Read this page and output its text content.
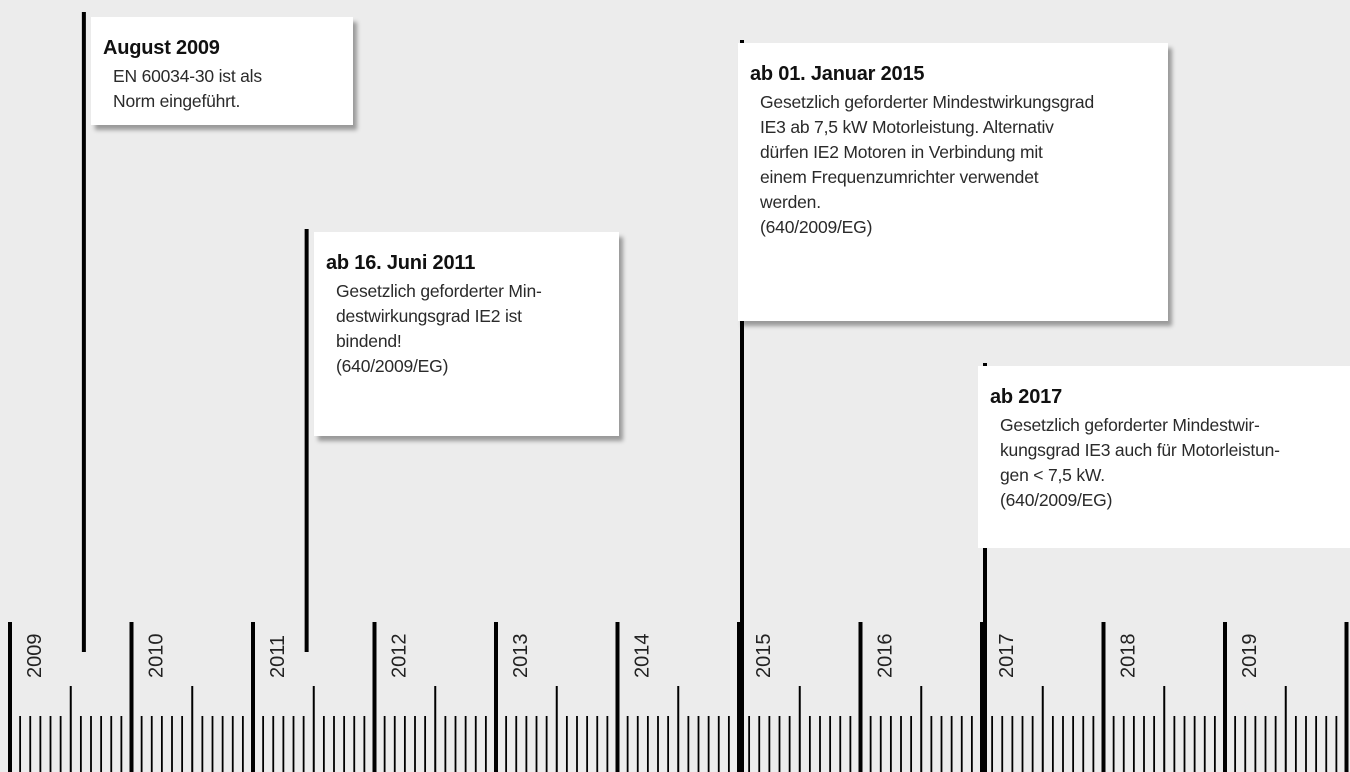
2009	2010	2011	2012	2013	2014	2015	2016	2017	2018	2019
August 2009
EN 60034-30 ist als
Norm eingeführt.
ab 16. Juni 2011
Gesetzlich geforderter Min-
destwirkungsgrad IE2 ist
bindend!
(640/2009/EG)
ab 01. Januar 2015
Gesetzlich geforderter Mindestwirkungsgrad
IE3 ab 7,5 kW Motorleistung. Alternativ
dürfen IE2 Motoren in Verbindung mit
einem Frequenzumrichter verwendet
werden.
(640/2009/EG)
ab 2017
Gesetzlich geforderter Mindestwir-
kungsgrad IE3 auch für Motorleistun-
gen < 7,5 kW.
(640/2009/EG)
